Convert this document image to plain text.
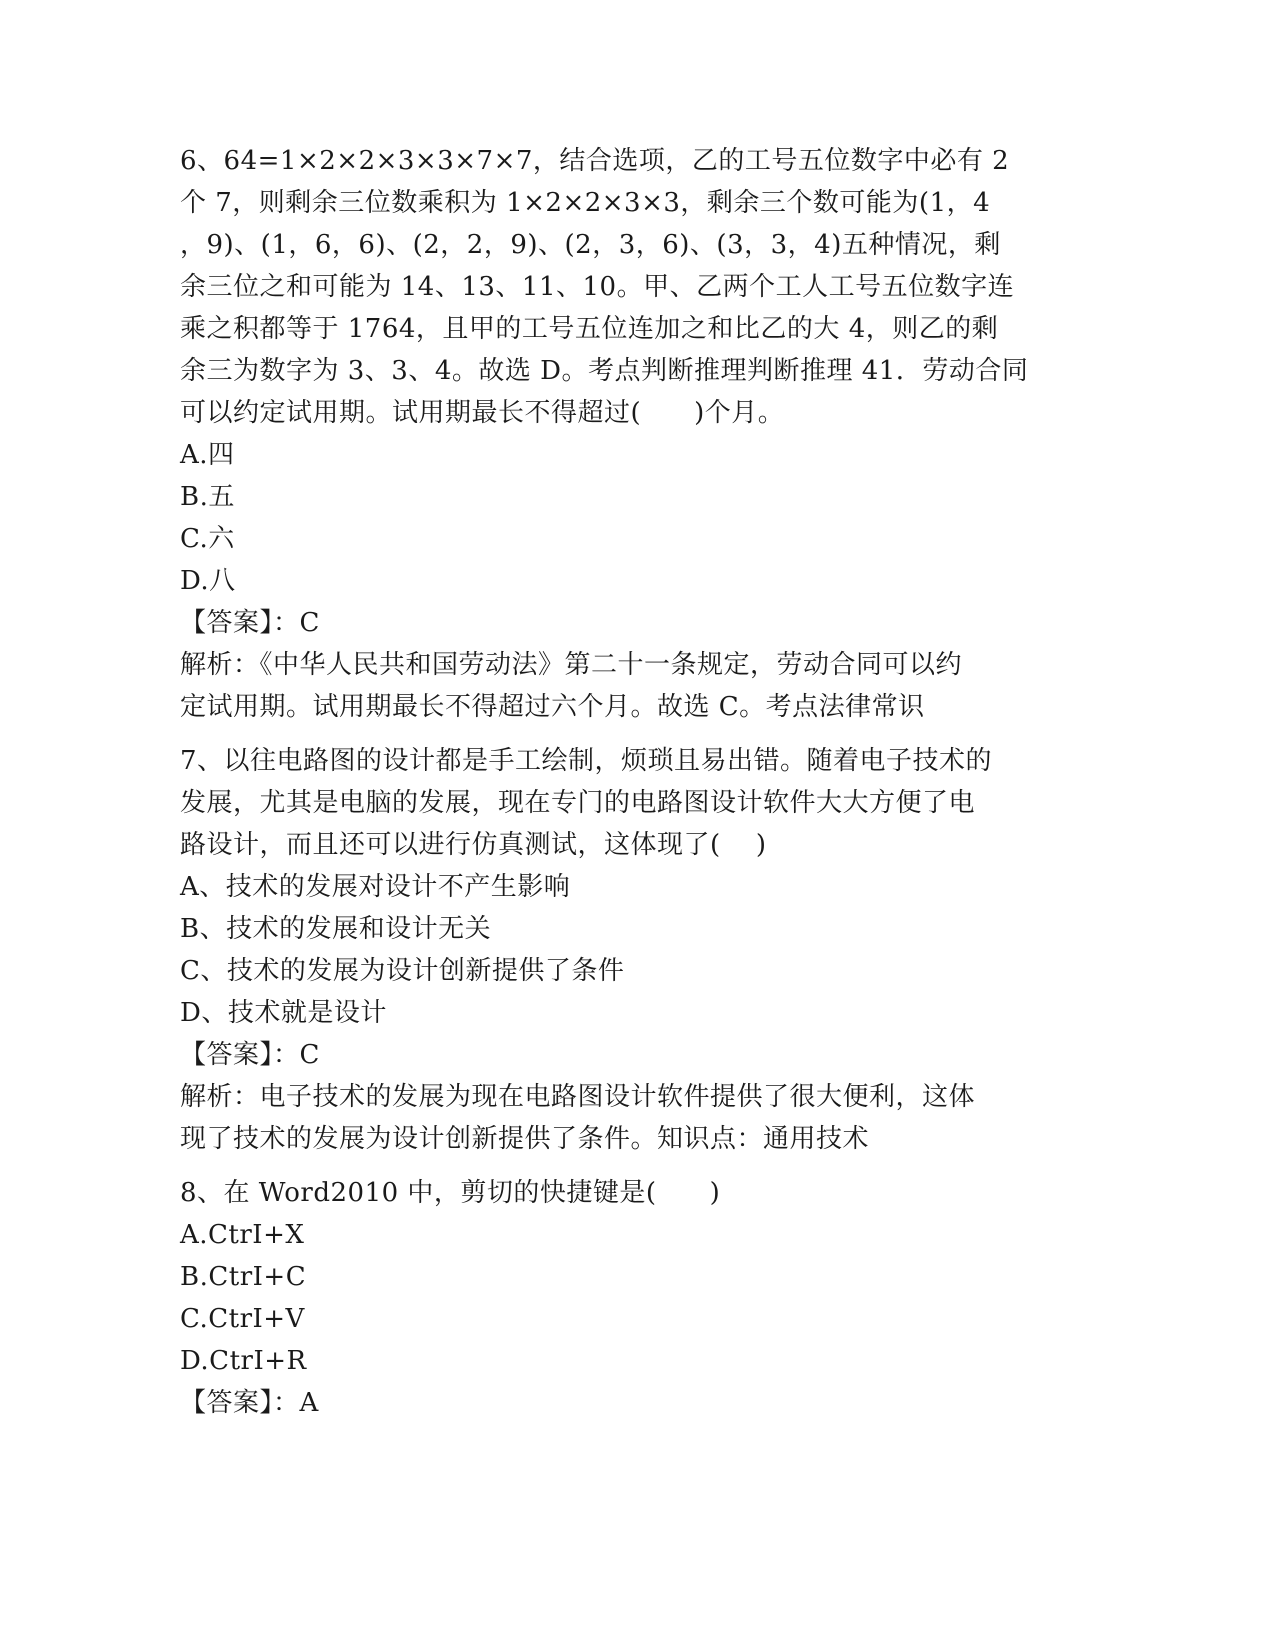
6、64=1×2×2×3×3×7×7，结合选项，乙的工号五位数字中必有 2
个 7，则剩余三位数乘积为 1×2×2×3×3，剩余三个数可能为(1，4
，9)、(1，6，6)、(2，2，9)、(2，3，6)、(3，3，4)五种情况，剩
余三位之和可能为 14、13、11、10。甲、乙两个工人工号五位数字连
乘之积都等于 1764，且甲的工号五位连加之和比乙的大 4，则乙的剩
余三为数字为 3、3、4。故选 D。考点判断推理判断推理 41．劳动合同
可以约定试用期。试用期最长不得超过(　　)个月。
A.四
B.五
C.六
D.八
【答案】：C
解析：《中华人民共和国劳动法》第二十一条规定，劳动合同可以约
定试用期。试用期最长不得超过六个月。故选 C。考点法律常识
7、以往电路图的设计都是手工绘制，烦琐且易出错。随着电子技术的
发展，尤其是电脑的发展，现在专门的电路图设计软件大大方便了电
路设计，而且还可以进行仿真测试，这体现了(　 )
A、技术的发展对设计不产生影响
B、技术的发展和设计无关
C、技术的发展为设计创新提供了条件
D、技术就是设计
【答案】：C
解析：电子技术的发展为现在电路图设计软件提供了很大便利，这体
现了技术的发展为设计创新提供了条件。知识点：通用技术
8、在 Word2010 中，剪切的快捷键是(　　)
A.CtrI+X
B.CtrI+C
C.CtrI+V
D.CtrI+R
【答案】：A
